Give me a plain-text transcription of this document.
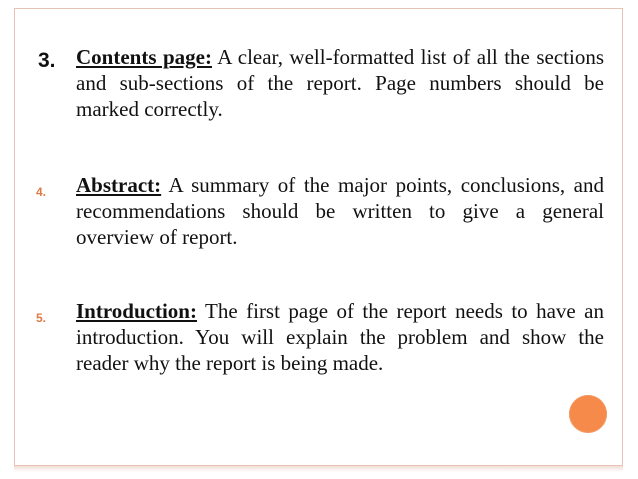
3. Contents page: A clear, well-formatted list of all the sections and sub-sections of the report. Page numbers should be marked correctly.
4. Abstract: A summary of the major points, conclusions, and recommendations should be written to give a general overview of report.
5. Introduction: The first page of the report needs to have an introduction. You will explain the problem and show the reader why the report is being made.
